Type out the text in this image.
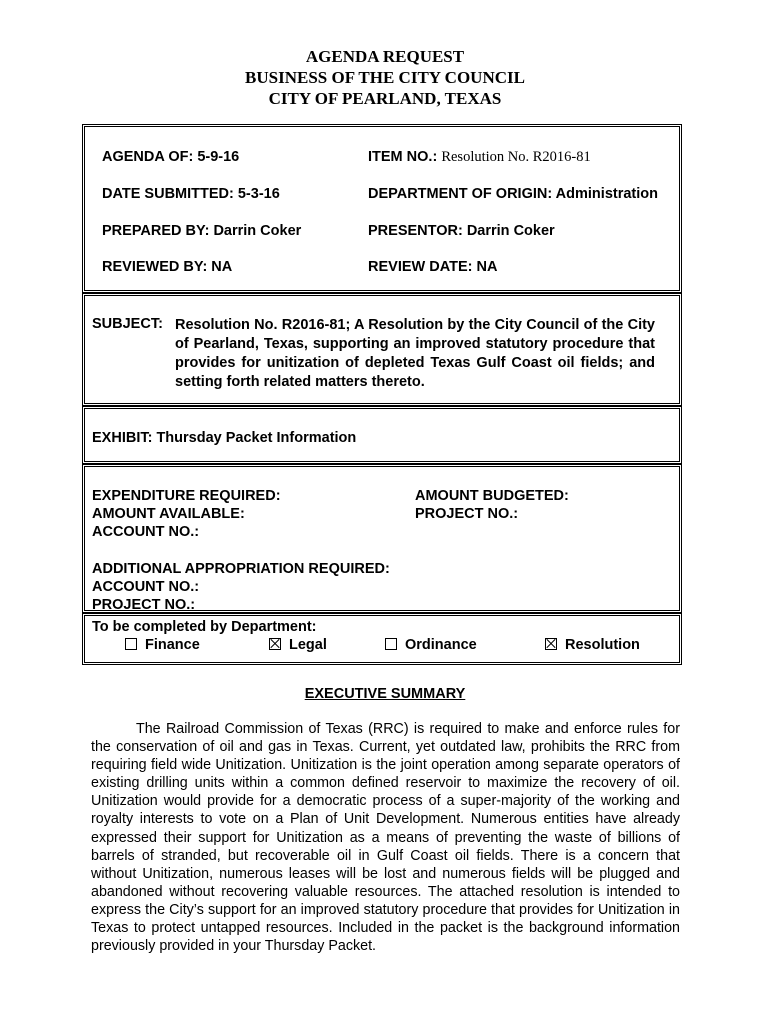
AGENDA REQUEST
BUSINESS OF THE CITY COUNCIL
CITY OF PEARLAND, TEXAS
AGENDA OF: 5-9-16	ITEM NO.: Resolution No. R2016-81
DATE SUBMITTED: 5-3-16	DEPARTMENT OF ORIGIN: Administration
PREPARED BY: Darrin Coker	PRESENTOR: Darrin Coker
REVIEWED BY: NA	REVIEW DATE: NA
SUBJECT: Resolution No. R2016-81; A Resolution by the City Council of the City of Pearland, Texas, supporting an improved statutory procedure that provides for unitization of depleted Texas Gulf Coast oil fields; and setting forth related matters thereto.
EXHIBIT: Thursday Packet Information
EXPENDITURE REQUIRED:	AMOUNT BUDGETED:
AMOUNT AVAILABLE:	PROJECT NO.:
ACCOUNT NO.:
ADDITIONAL APPROPRIATION REQUIRED:
ACCOUNT NO.:
PROJECT NO.:
To be completed by Department:
Finance	Legal	Ordinance	Resolution
EXECUTIVE SUMMARY

The Railroad Commission of Texas (RRC) is required to make and enforce rules for the conservation of oil and gas in Texas. Current, yet outdated law, prohibits the RRC from requiring field wide Unitization. Unitization is the joint operation among separate operators of existing drilling units within a common defined reservoir to maximize the recovery of oil. Unitization would provide for a democratic process of a super-majority of the working and royalty interests to vote on a Plan of Unit Development. Numerous entities have already expressed their support for Unitization as a means of preventing the waste of billions of barrels of stranded, but recoverable oil in Gulf Coast oil fields. There is a concern that without Unitization, numerous leases will be lost and numerous fields will be plugged and abandoned without recovering valuable resources. The attached resolution is intended to express the City’s support for an improved statutory procedure that provides for Unitization in Texas to protect untapped resources. Included in the packet is the background information previously provided in your Thursday Packet.
